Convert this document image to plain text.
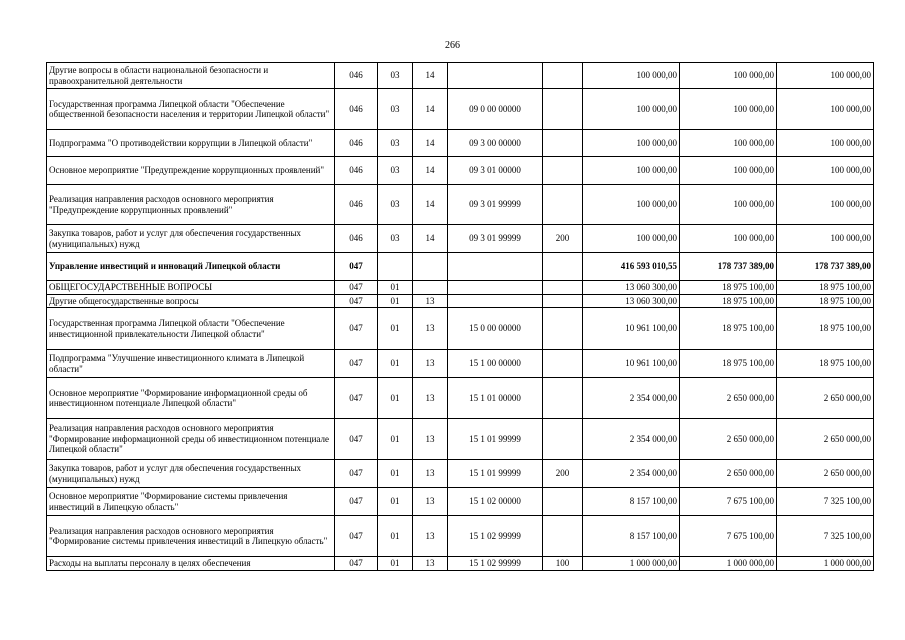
266
Другие вопросы в области национальной безопасности и правоохранительной деятельности	046	03	14			100 000,00	100 000,00	100 000,00
Государственная программа Липецкой области "Обеспечение общественной безопасности населения и территории Липецкой области"	046	03	14	09 0 00 00000		100 000,00	100 000,00	100 000,00
Подпрограмма "О противодействии коррупции в Липецкой области"	046	03	14	09 3 00 00000		100 000,00	100 000,00	100 000,00
Основное мероприятие "Предупреждение коррупционных проявлений"	046	03	14	09 3 01 00000		100 000,00	100 000,00	100 000,00
Реализация направления расходов основного мероприятия "Предупреждение коррупционных проявлений"	046	03	14	09 3 01 99999		100 000,00	100 000,00	100 000,00
Закупка товаров, работ и услуг для обеспечения государственных (муниципальных) нужд	046	03	14	09 3 01 99999	200	100 000,00	100 000,00	100 000,00
Управление инвестиций и инноваций Липецкой области	047					416 593 010,55	178 737 389,00	178 737 389,00
ОБЩЕГОСУДАРСТВЕННЫЕ ВОПРОСЫ	047	01				13 060 300,00	18 975 100,00	18 975 100,00
Другие общегосударственные вопросы	047	01	13			13 060 300,00	18 975 100,00	18 975 100,00
Государственная программа Липецкой области "Обеспечение инвестиционной привлекательности Липецкой области"	047	01	13	15 0 00 00000		10 961 100,00	18 975 100,00	18 975 100,00
Подпрограмма "Улучшение инвестиционного климата в Липецкой области"	047	01	13	15 1 00 00000		10 961 100,00	18 975 100,00	18 975 100,00
Основное мероприятие "Формирование информационной среды об инвестиционном потенциале Липецкой области"	047	01	13	15 1 01 00000		2 354 000,00	2 650 000,00	2 650 000,00
Реализация направления расходов основного мероприятия "Формирование информационной среды об инвестиционном потенциале Липецкой области"	047	01	13	15 1 01 99999		2 354 000,00	2 650 000,00	2 650 000,00
Закупка товаров, работ и услуг для обеспечения государственных (муниципальных) нужд	047	01	13	15 1 01 99999	200	2 354 000,00	2 650 000,00	2 650 000,00
Основное мероприятие "Формирование системы привлечения инвестиций в Липецкую область"	047	01	13	15 1 02 00000		8 157 100,00	7 675 100,00	7 325 100,00
Реализация направления расходов основного мероприятия "Формирование системы привлечения инвестиций в Липецкую область"	047	01	13	15 1 02 99999		8 157 100,00	7 675 100,00	7 325 100,00
Расходы на выплаты персоналу в целях обеспечения	047	01	13	15 1 02 99999	100	1 000 000,00	1 000 000,00	1 000 000,00
